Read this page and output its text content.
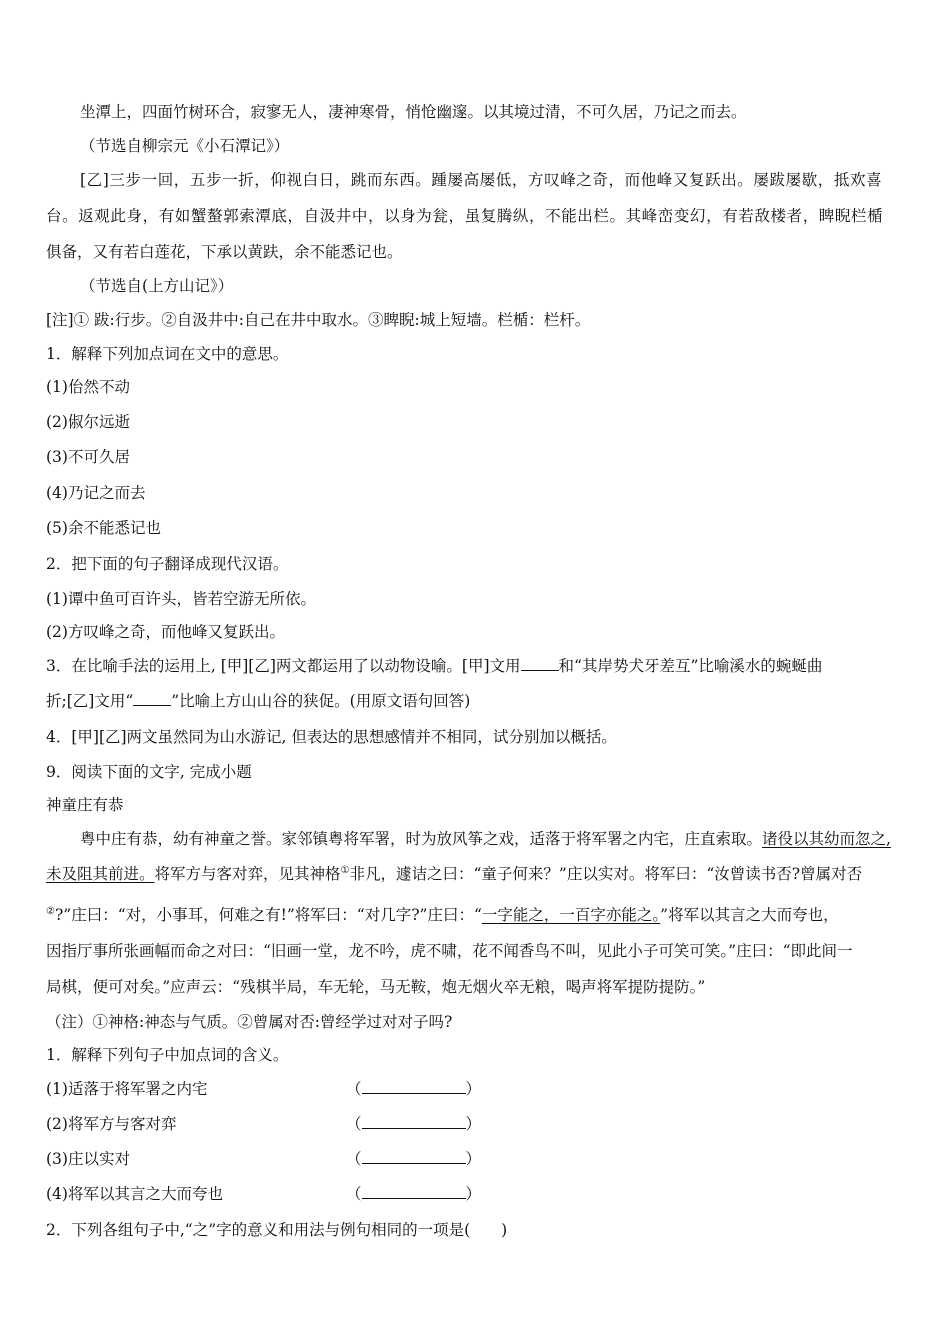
坐潭上，四面竹树环合，寂寥无人，凄神寒骨，悄怆幽邃。以其境过清，不可久居，乃记之而去。
（节选自柳宗元《小石潭记》）
[乙]三步一回，五步一折，仰视白日，跳而东西。踵屡高屡低，方叹峰之奇，而他峰又复跃出。屡跋屡歇，抵欢喜
台。返观此身，有如蟹螯郭索潭底，自汲井中，以身为瓮，虽复腾纵，不能出栏。其峰峦变幻，有若敌楼者，睥睨栏楯
俱备，又有若白莲花，下承以黄趺，余不能悉记也。
（节选自(上方山记》）
[注]① 跋:行步。②自汲井中:自己在井中取水。③睥睨:城上短墙。栏楯：栏杆。
1．解释下列加点词在文中的意思。
(1)佁然不动
(2)俶尔远逝
(3)不可久居
(4)乃记之而去
(5)余不能悉记也
2．把下面的句子翻译成现代汉语。
(1)谭中鱼可百许头，皆若空游无所依。
(2)方叹峰之奇，而他峰又复跃出。
3．在比喻手法的运用上, [甲][乙]两文都运用了以动物设喻。[甲]文用 和“其岸势犬牙差互”比喻溪水的蜿蜒曲
折;[乙]文用“ ”比喻上方山山谷的狭促。(用原文语句回答)
4．[甲][乙]两文虽然同为山水游记, 但表达的思想感情并不相同，试分别加以概括。
9．阅读下面的文字, 完成小题
神童庄有恭
粤中庄有恭，幼有神童之誉。家邻镇粤将军署，时为放风筝之戏，适落于将军署之内宅，庄直索取。诸役以其幼而忽之,
未及阻其前进。将军方与客对弈，见其神格①非凡，遽诘之曰：“童子何来？”庄以实对。将军曰：“汝曾读书否?曾属对否
②?”庄曰：“对，小事耳，何难之有!”将军曰：“对几字?”庄曰：“一字能之，一百字亦能之。”将军以其言之大而夸也，
因指厅事所张画幅而命之对曰：“旧画一堂，龙不吟，虎不啸，花不闻香鸟不叫，见此小子可笑可笑。”庄曰：“即此间一
局棋，便可对矣。”应声云：“残棋半局，车无轮，马无鞍，炮无烟火卒无粮，喝声将军提防提防。”
（注）①神格:神态与气质。②曾属对否:曾经学过对对子吗?
1．解释下列句子中加点词的含义。
(1)适落于将军署之内宅	（	）
(2)将军方与客对弈	（	）
(3)庄以实对	（	）
(4)将军以其言之大而夸也	（	）
2．下列各组句子中,“之”字的意义和用法与例句相同的一项是(　　)
